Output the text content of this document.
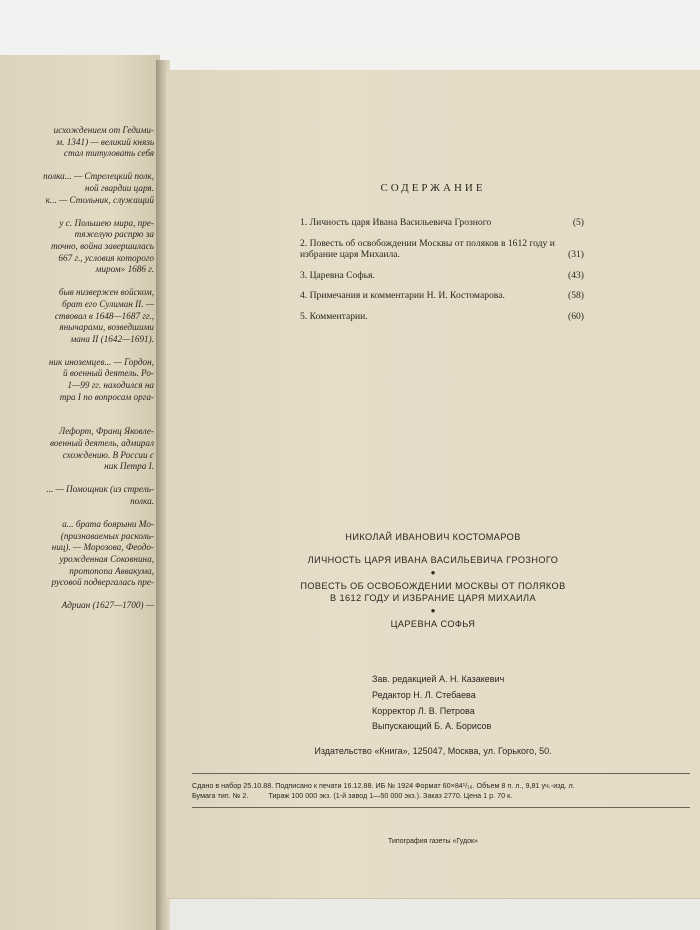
исхождением от Гедими-
м. 1341) — великий князь
стал титуловать себя
полка... — Стрелецкий полк,
ной гвардии царя.
к... — Стольник, служащий
у с. Польшею мира, пре-
тяжелую распрю за
точно, война завершилась
667 г., условия которого
миром» 1686 г.
быв низвержен войском,
брат его Сулиман II. —
ствовал в 1648—1687 гг.,
янычарами, возведшими
мана II (1642—1691).
ник иноземцев... — Гордон,
й военный деятель. Ро-
1—99 гг. находился на
тра I по вопросам орга-
Лефорт, Франц Яковле-
военный деятель, адмирал
схождению. В России с
ник Петра I.
... — Помощник (из стрель-
полка.
а... брата боярыни Мо-
(признаваемых расколь-
ниц). — Морозова, Феодо-
урожденная Соковнина,
протопопа Аввакума,
русовой подвергалась пре-
Адриан (1627—1700) —
СОДЕРЖАНИЕ
1. Личность царя Ивана Васильевича Грозного	(5)
2. Повесть об освобождении Москвы от поляков в 1612 году и избрание царя Михаила.	(31)
3. Царевна Софья.	(43)
4. Примечания и комментарии Н. И. Костомарова.	(58)
5. Комментарии.	(60)
НИКОЛАЙ ИВАНОВИЧ КОСТОМАРОВ
ЛИЧНОСТЬ ЦАРЯ ИВАНА ВАСИЛЬЕВИЧА ГРОЗНОГО
●
ПОВЕСТЬ ОБ ОСВОБОЖДЕНИИ МОСКВЫ ОТ ПОЛЯКОВ
В 1612 ГОДУ И ИЗБРАНИЕ ЦАРЯ МИХАИЛА
●
ЦАРЕВНА СОФЬЯ
Зав. редакцией А. Н. Казакевич
Редактор Н. Л. Стебаева
Корректор Л. В. Петрова
Выпускающий Б. А. Борисов
Издательство «Книга», 125047, Москва, ул. Горького, 50.
Сдано в набор 25.10.88. Подписано к печати 16.12.88. ИБ № 1924 Формат 60×84¹/₁₆. Объем 8 п. л., 9,81 уч.-изд. л.
Бумага тип. № 2.          Тираж 100 000 экз. (1-й завод 1—50 000 экз.). Заказ 2770. Цена 1 р. 70 к.
Типография газеты «Гудок»
